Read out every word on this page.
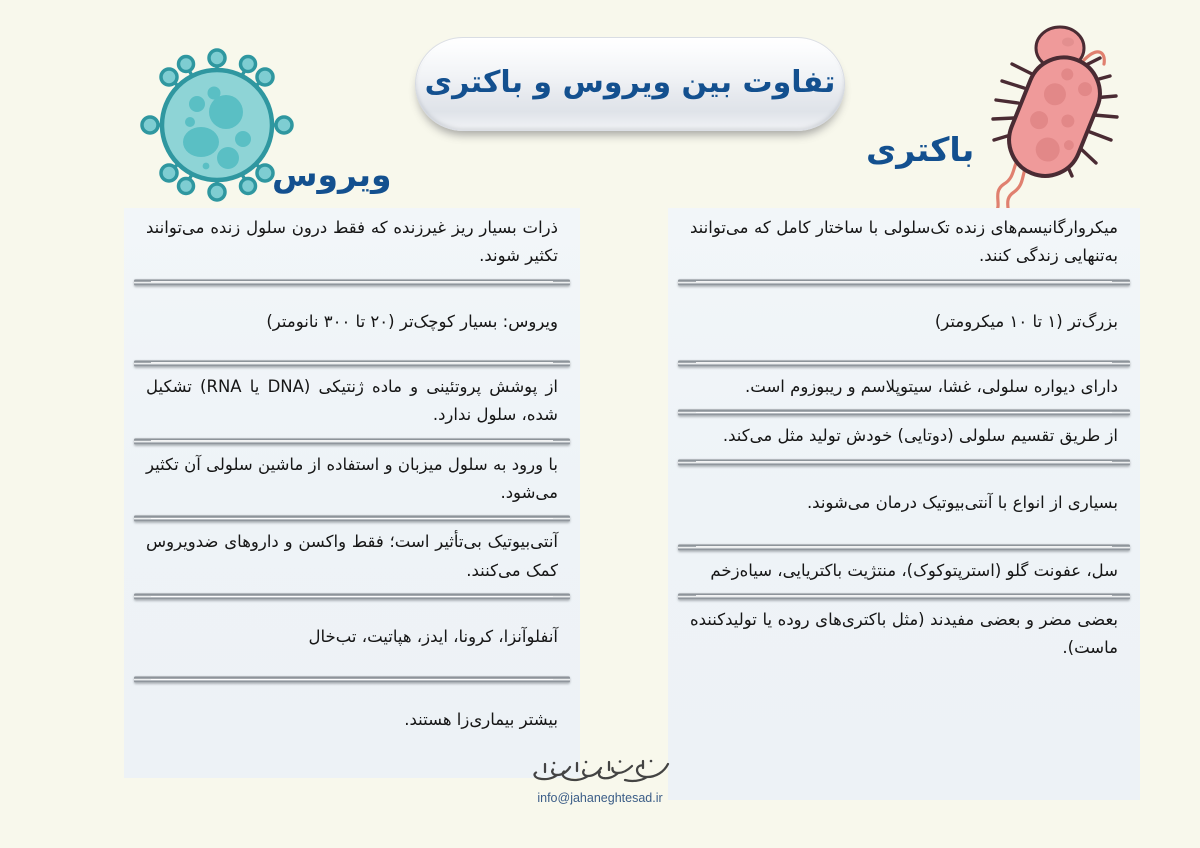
تفاوت بین ویروس و باکتری
ویروس
باکتری
ذرات بسیار ریز غیرزنده که فقط درون سلول زنده می‌توانند تکثیر شوند.
ویروس: بسیار کوچک‌تر (۲۰ تا ۳۰۰ نانومتر)
از پوشش پروتئینی و ماده ژنتیکی (DNA یا RNA) تشکیل شده، سلول ندارد.
با ورود به سلول میزبان و استفاده از ماشین سلولی آن تکثیر می‌شود.
آنتی‌بیوتیک بی‌تأثیر است؛ فقط واکسن و داروهای ضدویروس کمک می‌کنند.
آنفلوآنزا، کرونا، ایدز، هپاتیت، تب‌خال
بیشتر بیماری‌زا هستند.
میکروارگانیسم‌های زنده تک‌سلولی با ساختار کامل که می‌توانند به‌تنهایی زندگی کنند.
بزرگ‌تر (۱ تا ۱۰ میکرومتر)
دارای دیواره سلولی، غشا، سیتوپلاسم و ریبوزوم است.
از طریق تقسیم سلولی (دوتایی) خودش تولید مثل می‌کند.
بسیاری از انواع با آنتی‌بیوتیک درمان می‌شوند.
سل، عفونت گلو (استرپتوکوک)، منتژیت باکتریایی، سیاه‌زخم
بعضی مضر و بعضی مفیدند (مثل باکتری‌های روده یا تولیدکننده ماست).
info@jahaneghtesad.ir
